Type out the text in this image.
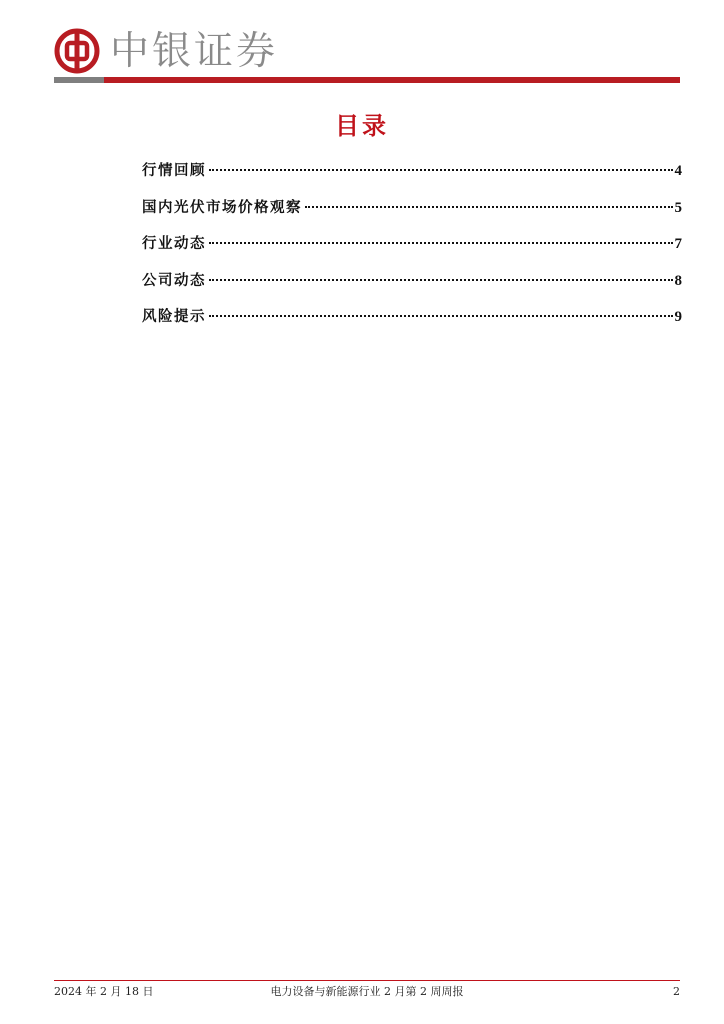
中银证券
目录
行情回顾	4
国内光伏市场价格观察	5
行业动态	7
公司动态	8
风险提示	9
2024 年 2 月 18 日	电力设备与新能源行业 2 月第 2 周周报	2
